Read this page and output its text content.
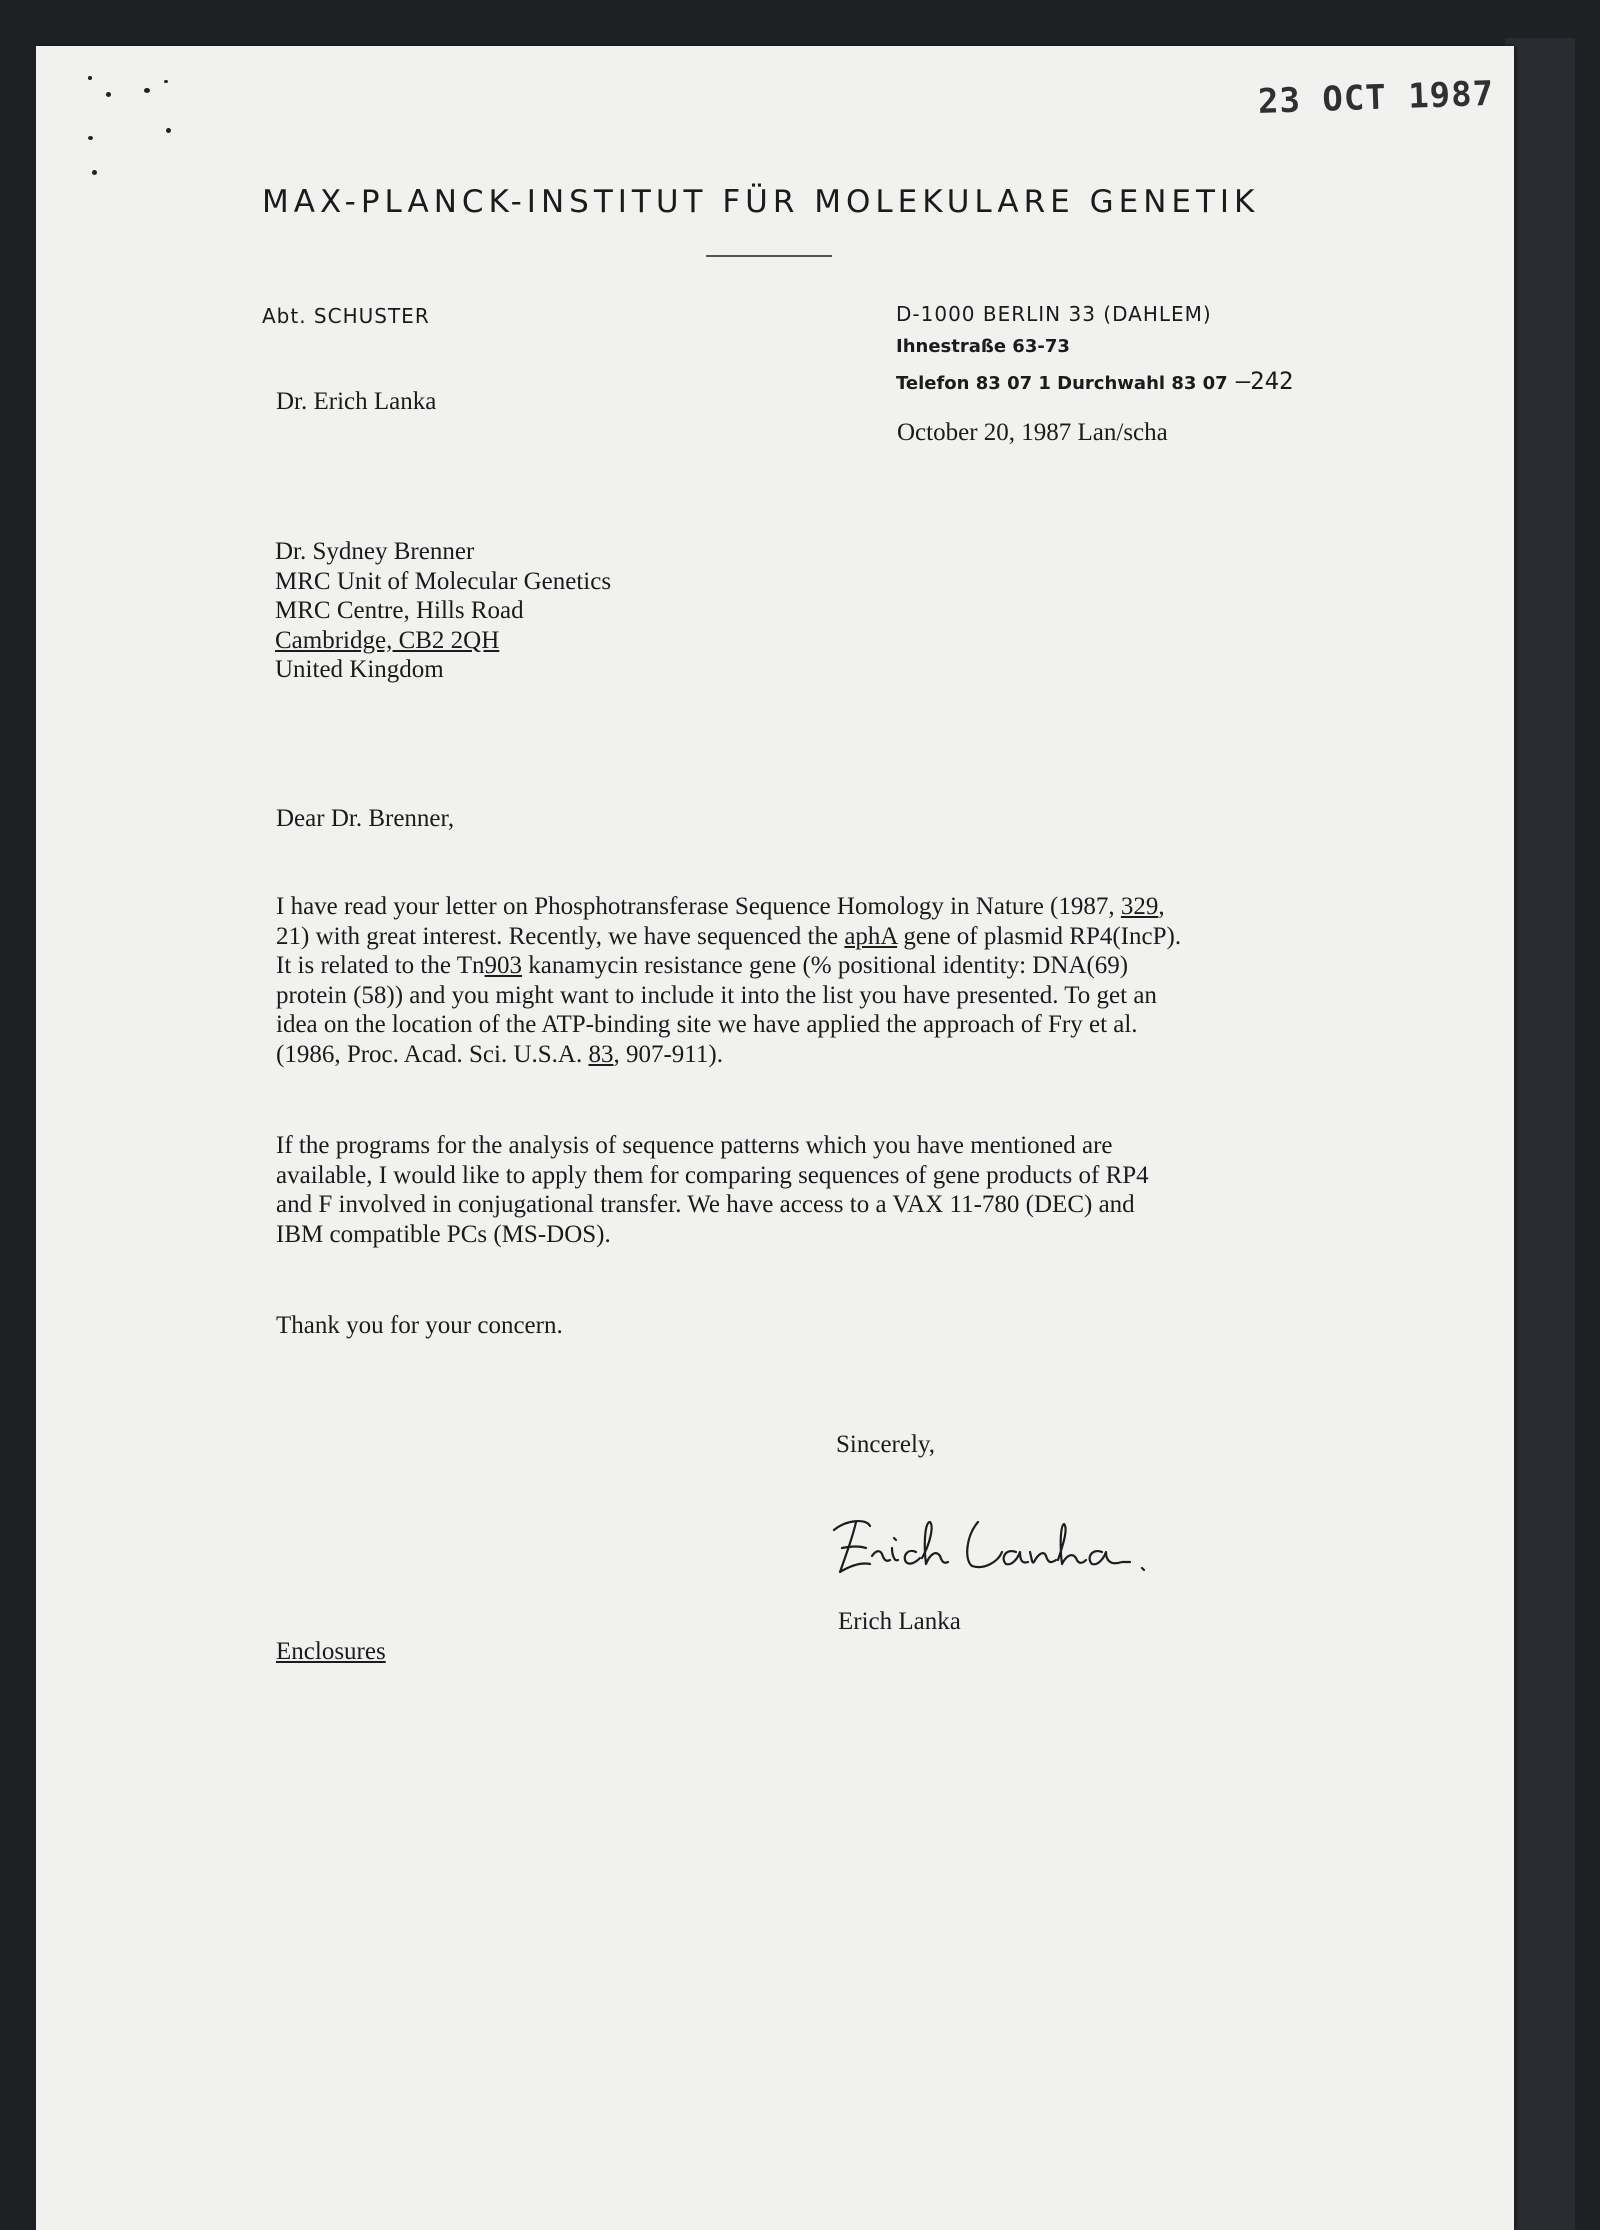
23 OCT 1987
MAX-PLANCK-INSTITUT FÜR MOLEKULARE GENETIK
Abt. SCHUSTER	D-1000 BERLIN 33 (DAHLEM)
Ihnestraße 63-73
Telefon 83 07 1 Durchwahl 83 07 –242
Dr. Erich Lanka
October 20, 1987 Lan/scha
Dr. Sydney Brenner
MRC Unit of Molecular Genetics
MRC Centre, Hills Road
Cambridge, CB2 2QH
United Kingdom
Dear Dr. Brenner,
I have read your letter on Phosphotransferase Sequence Homology in Nature (1987, 329,
21) with great interest. Recently, we have sequenced the aphA gene of plasmid RP4(IncP).
It is related to the Tn903 kanamycin resistance gene (% positional identity: DNA(69)
protein (58)) and you might want to include it into the list you have presented. To get an
idea on the location of the ATP-binding site we have applied the approach of Fry et al.
(1986, Proc. Acad. Sci. U.S.A. 83, 907-911).
If the programs for the analysis of sequence patterns which you have mentioned are
available, I would like to apply them for comparing sequences of gene products of RP4
and F involved in conjugational transfer. We have access to a VAX 11-780 (DEC) and
IBM compatible PCs (MS-DOS).
Thank you for your concern.
Sincerely,
Erich Lanka
Enclosures
